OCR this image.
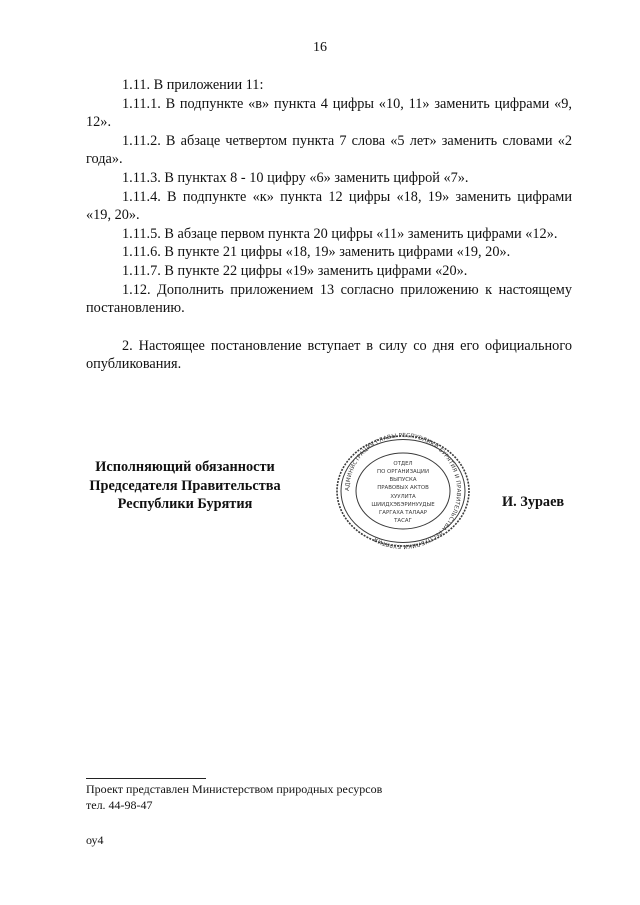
16

1.11. В приложении 11:

1.11.1. В подпункте «в» пункта 4 цифры «10, 11» заменить цифрами «9, 12».

1.11.2. В абзаце четвертом пункта 7 слова «5 лет» заменить словами «2 года».

1.11.3. В пунктах 8 - 10 цифру «6» заменить цифрой «7».

1.11.4. В подпункте «к» пункта 12 цифры «18, 19» заменить цифрами «19, 20».

1.11.5. В абзаце первом пункта 20 цифры «11» заменить цифрами «12».

1.11.6. В пункте 21 цифры «18, 19» заменить цифрами «19, 20».

1.11.7. В пункте 22 цифры «19» заменить цифрами «20».

1.12. Дополнить приложением 13 согласно приложению к настоящему постановлению.

2. Настоящее постановление вступает в силу со дня его официального опубликования.

Исполняющий обязанности
Председателя Правительства
Республики Бурятия
АДМИНИСТРАЦИЯ ГЛАВЫ РЕСПУБЛИКИ БУРЯТИЯ И ПРАВИТЕЛЬСТВА РЕСПУБЛИКИ БУРЯТИЯ
ОТДЕЛ
ПО ОРГАНИЗАЦИИ
ВЫПУСКА
ПРАВОВЫХ АКТОВ
ХУУЛИТА
ШИИДХЭБЭРИНУУДЫЕ
ГАРГАХА ТАЛААР
ТАСАГ
И. Зураев
Проект представлен Министерством природных ресурсов
тел. 44-98-47
оу4
